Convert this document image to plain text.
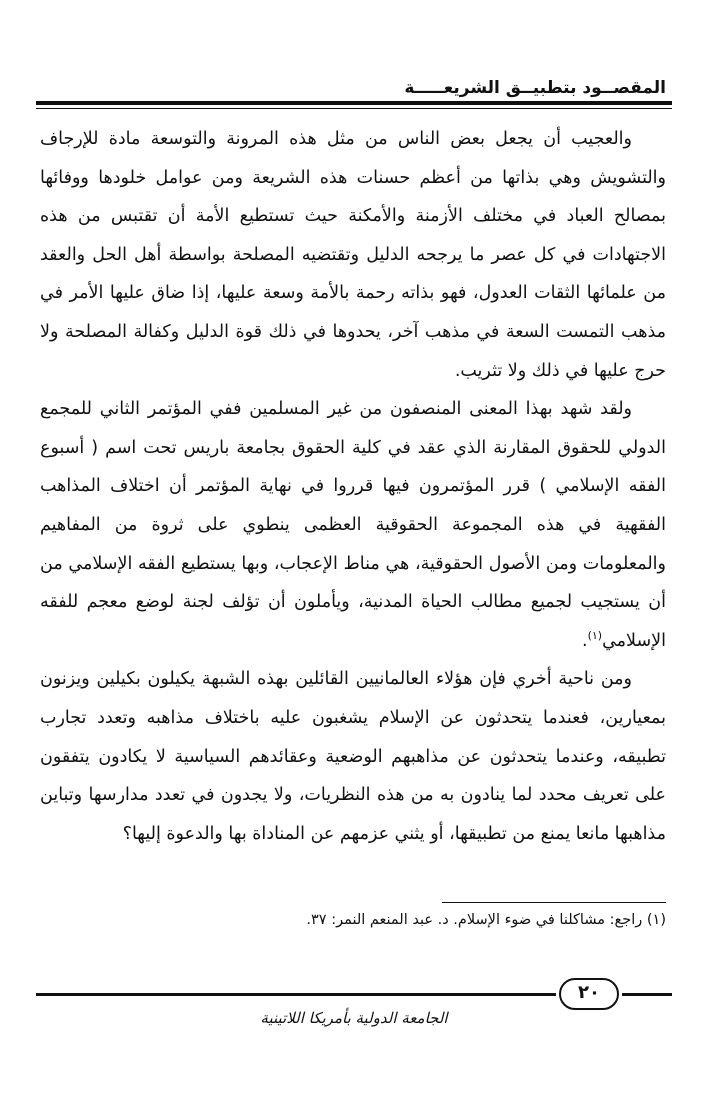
المقصــود بتطبيــق الشريعـــــة

والعجيب أن يجعل بعض الناس من مثل هذه المرونة والتوسعة مادة للإرجاف والتشويش وهي بذاتها من أعظم حسنات هذه الشريعة ومن عوامل خلودها ووفائها بمصالح العباد في مختلف الأزمنة والأمكنة حيث تستطيع الأمة أن تقتبس من هذه الاجتهادات في كل عصر ما يرجحه الدليل وتقتضيه المصلحة بواسطة أهل الحل والعقد من علمائها الثقات العدول، فهو بذاته رحمة بالأمة وسعة عليها، إذا ضاق عليها الأمر في مذهب التمست السعة في مذهب آخر، يحدوها في ذلك قوة الدليل وكفالة المصلحة ولا حرج عليها في ذلك ولا تثريب.

ولقد شهد بهذا المعنى المنصفون من غير المسلمين ففي المؤتمر الثاني للمجمع الدولي للحقوق المقارنة الذي عقد في كلية الحقوق بجامعة باريس تحت اسم ( أسبوع الفقه الإسلامي ) قرر المؤتمرون فيها قرروا في نهاية المؤتمر أن اختلاف المذاهب الفقهية في هذه المجموعة الحقوقية العظمى ينطوي على ثروة من المفاهيم والمعلومات ومن الأصول الحقوقية، هي مناط الإعجاب، وبها يستطيع الفقه الإسلامي من أن يستجيب لجميع مطالب الحياة المدنية، ويأملون أن تؤلف لجنة لوضع معجم للفقه الإسلامي$^{(١)}$.

ومن ناحية أخري فإن هؤلاء العالمانيين القائلين بهذه الشبهة يكيلون بكيلين ويزنون بمعيارين، فعندما يتحدثون عن الإسلام يشغبون عليه باختلاف مذاهبه وتعدد تجارب تطبيقه، وعندما يتحدثون عن مذاهبهم الوضعية وعقائدهم السياسية لا يكادون يتفقون على تعريف محدد لما ينادون به من هذه النظريات، ولا يجدون في تعدد مدارسها وتباين مذاهبها مانعا يمنع من تطبيقها، أو يثني عزمهم عن المناداة بها والدعوة إليها؟

(١) راجع: مشاكلنا في ضوء الإسلام. د. عبد المنعم النمر: ٣٧.
٢٠
الجامعة الدولية بأمريكا اللاتينية
